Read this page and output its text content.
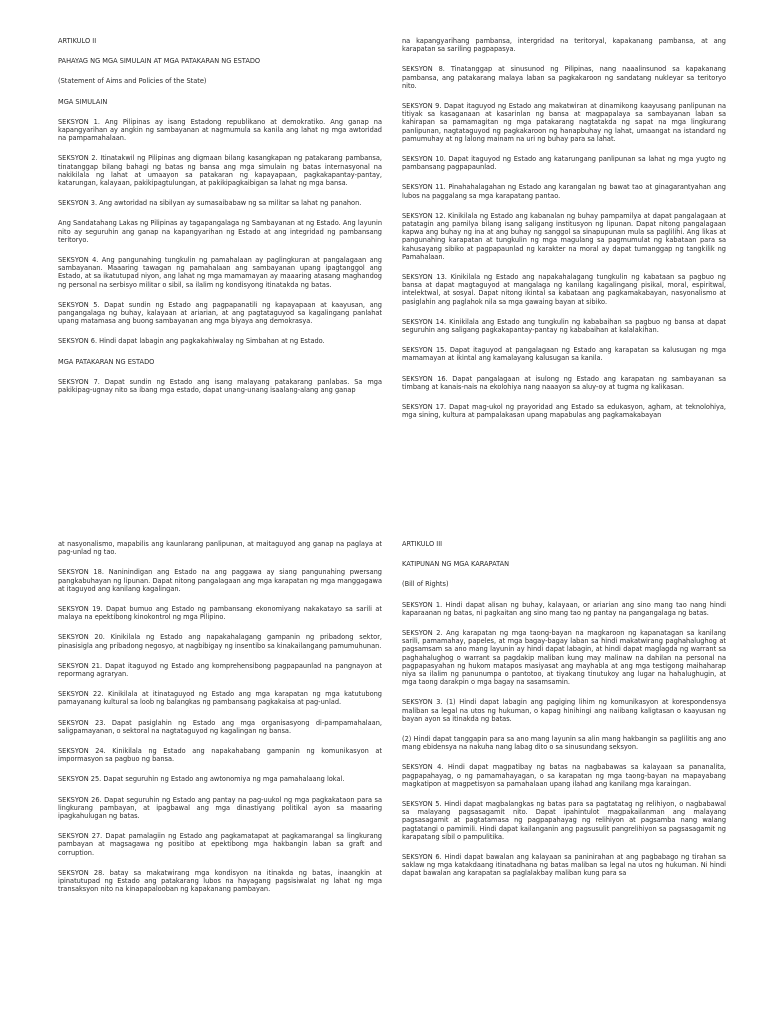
ARTIKULO II

PAHAYAG NG MGA SIMULAIN AT MGA PATAKARAN NG ESTADO

(Statement of Aims and Policies of the State)

MGA SIMULAIN

SEKSYON 1. Ang Pilipinas ay isang Estadong republikano at demokratiko. Ang ganap na kapangyarihan ay angkin ng sambayanan at nagmumula sa kanila ang lahat ng mga awtoridad na pampamahalaan.

SEKSYON 2. Itinatakwil ng Pilipinas ang digmaan bilang kasangkapan ng patakarang pambansa, tinatanggap bilang bahagi ng batas ng bansa ang mga simulain ng batas internasyonal na nakikilala ng lahat at umaayon sa patakaran ng kapayapaan, pagkakapantay-pantay, katarungan, kalayaan, pakikipagtulungan, at pakikipagkaibigan sa lahat ng mga bansa.

SEKSYON 3. Ang awtoridad na sibilyan ay sumasaibabaw ng sa militar sa lahat ng panahon.

Ang Sandatahang Lakas ng Pilipinas ay tagapangalaga ng Sambayanan at ng Estado. Ang layunin nito ay seguruhin ang ganap na kapangyarihan ng Estado at ang integridad ng pambansang teritoryo.

SEKSYON 4. Ang pangunahing tungkulin ng pamahalaan ay paglingkuran at pangalagaan ang sambayanan. Maaaring tawagan ng pamahalaan ang sambayanan upang ipagtanggol ang Estado, at sa ikatutupad niyon, ang lahat ng mga mamamayan ay maaaring atasang maghandog ng personal na serbisyo militar o sibil, sa ilalim ng kondisyong itinatakda ng batas.

SEKSYON 5. Dapat sundin ng Estado ang pagpapanatili ng kapayapaan at kaayusan, ang pangangalaga ng buhay, kalayaan at ariarian, at ang pagtataguyod sa kagalingang panlahat upang matamasa ang buong sambayanan ang mga biyaya ang demokrasya.

SEKSYON 6. Hindi dapat labagin ang pagkakahiwalay ng Simbahan at ng Estado.

MGA PATAKARAN NG ESTADO

SEKSYON 7. Dapat sundin ng Estado ang isang malayang patakarang panlabas. Sa mga pakikipag-ugnay nito sa ibang mga estado, dapat unang-unang isaalang-alang ang ganap

na kapangyarihang pambansa, intergridad na teritoryal, kapakanang pambansa, at ang karapatan sa sariling pagpapasya.

SEKSYON 8. Tinatanggap at sinusunod ng Pilipinas, nang naaalinsunod sa kapakanang pambansa, ang patakarang malaya laban sa pagkakaroon ng sandatang nukleyar sa teritoryo nito.

SEKSYON 9. Dapat itaguyod ng Estado ang makatwiran at dinamikong kaayusang panlipunan na titiyak sa kasaganaan at kasarinlan ng bansa at magpapalaya sa sambayanan laban sa kahirapan sa pamamagitan ng mga patakarang nagtatakda ng sapat na mga lingkurang panlipunan, nagtataguyod ng pagkakaroon ng hanapbuhay ng lahat, umaangat na istandard ng pamumuhay at ng lalong mainam na uri ng buhay para sa lahat.

SEKSYON 10. Dapat itaguyod ng Estado ang katarungang panlipunan sa lahat ng mga yugto ng pambansang pagpapaunlad.

SEKSYON 11. Pinahahalagahan ng Estado ang karangalan ng bawat tao at ginagarantyahan ang lubos na paggalang sa mga karapatang pantao.

SEKSYON 12. Kinikilala ng Estado ang kabanalan ng buhay pampamilya at dapat pangalagaan at patatagin ang pamilya bilang isang saligang institusyon ng lipunan. Dapat nitong pangalagaan kapwa ang buhay ng ina at ang buhay ng sanggol sa sinapupunan mula sa paglilihi. Ang likas at pangunahing karapatan at tungkulin ng mga magulang sa pagmumulat ng kabataan para sa kahusayang sibiko at pagpapaunlad ng karakter na moral ay dapat tumanggap ng tangkilik ng Pamahalaan.

SEKSYON 13. Kinikilala ng Estado ang napakahalagang tungkulin ng kabataan sa pagbuo ng bansa at dapat magtaguyod at mangalaga ng kanilang kagalingang pisikal, moral, espiritwal, intelektwal, at sosyal. Dapat nitong ikintal sa kabataan ang pagkamakabayan, nasyonalismo at pasiglahin ang paglahok nila sa mga gawaing bayan at sibiko.

SEKSYON 14. Kinikilala ang Estado ang tungkulin ng kababaihan sa pagbuo ng bansa at dapat seguruhin ang saligang pagkakapantay-pantay ng kababaihan at kalalakihan.

SEKSYON 15. Dapat itaguyod at pangalagaan ng Estado ang karapatan sa kalusugan ng mga mamamayan at ikintal ang kamalayang kalusugan sa kanila.

SEKSYON 16. Dapat pangalagaan at isulong ng Estado ang karapatan ng sambayanan sa timbang at kanais-nais na ekolohiya nang naaayon sa aluy-oy at tugma ng kalikasan.

SEKSYON 17. Dapat mag-ukol ng prayoridad ang Estado sa edukasyon, agham, at teknolohiya, mga sining, kultura at pampalakasan upang mapabulas ang pagkamakabayan

at nasyonalismo, mapabilis ang kaunlarang panlipunan, at maitaguyod ang ganap na paglaya at pag-unlad ng tao.

SEKSYON 18. Naninindigan ang Estado na ang paggawa ay siang pangunahing pwersang pangkabuhayan ng lipunan. Dapat nitong pangalagaan ang mga karapatan ng mga manggagawa at itaguyod ang kanilang kagalingan.

SEKSYON 19. Dapat bumuo ang Estado ng pambansang ekonomiyang nakakatayo sa sarili at malaya na epektibong kinokontrol ng mga Pilipino.

SEKSYON 20. Kinikilala ng Estado ang napakahalagang gampanin ng pribadong sektor, pinasisigla ang pribadong negosyo, at nagbibigay ng insentibo sa kinakailangang pamumuhunan.

SEKSYON 21. Dapat itaguyod ng Estado ang komprehensibong pagpapaunlad na pangnayon at repormang agraryan.

SEKSYON 22. Kinikilala at itinataguyod ng Estado ang mga karapatan ng mga katutubong pamayanang kultural sa loob ng balangkas ng pambansang pagkakaisa at pag-unlad.

SEKSYON 23. Dapat pasiglahin ng Estado ang mga organisasyong di-pampamahalaan, saligpamayanan, o sektoral na nagtataguyod ng kagalingan ng bansa.

SEKSYON 24. Kinikilala ng Estado ang napakahabang gampanin ng komunikasyon at impormasyon sa pagbuo ng bansa.

SEKSYON 25. Dapat seguruhin ng Estado ang awtonomiya ng mga pamahalaang lokal.

SEKSYON 26. Dapat seguruhin ng Estado ang pantay na pag-uukol ng mga pagkakataon para sa lingkurang pambayan, at ipagbawal ang mga dinastiyang politikal ayon sa maaaring ipagkahulugan ng batas.

SEKSYON 27. Dapat pamalagiin ng Estado ang pagkamatapat at pagkamarangal sa lingkurang pambayan at magsagawa ng positibo at epektibong mga hakbangin laban sa graft and corruption.

SEKSYON 28. batay sa makatwirang mga kondisyon na itinakda ng batas, inaangkin at ipinatutupad ng Estado ang patakarang lubos na hayagang pagsisiwalat ng lahat ng mga transaksyon nito na kinapapalooban ng kapakanang pambayan.

ARTIKULO III

KATIPUNAN NG MGA KARAPATAN

(Bill of Rights)

SEKSYON 1. Hindi dapat alisan ng buhay, kalayaan, or ariarian ang sino mang tao nang hindi kaparaanan ng batas, ni pagkaitan ang sino mang tao ng pantay na pangangalaga ng batas.

SEKSYON 2. Ang karapatan ng mga taong-bayan na magkaroon ng kapanatagan sa kanilang sarili, pamamahay, papeles, at mga bagay-bagay laban sa hindi makatwirang paghahalughog at pagsamsam sa ano mang layunin ay hindi dapat labagin, at hindi dapat maglagda ng warrant sa paghahalughog o warrant sa pagdakip maliban kung may malinaw na dahilan na personal na pagpapasyahan ng hukom matapos masiyasat ang mayhabla at ang mga testigong maihaharap niya sa ilalim ng panunumpa o pantotoo, at tiyakang tinutukoy ang lugar na hahalughugin, at mga taong darakpin o mga bagay na sasamsamin.

SEKSYON 3. (1) Hindi dapat labagin ang pagiging lihim ng komunikasyon at korespondensya maliban sa legal na utos ng hukuman, o kapag hinihingi ang naiibang kaligtasan o kaayusan ng bayan ayon sa itinakda ng batas.

(2) Hindi dapat tanggapin para sa ano mang layunin sa alin mang hakbangin sa paglilitis ang ano mang ebidensya na nakuha nang labag dito o sa sinusundang seksyon.

SEKSYON 4. Hindi dapat magpatibay ng batas na nagbabawas sa kalayaan sa pananalita, pagpapahayag, o ng pamamahayagan, o sa karapatan ng mga taong-bayan na mapayabang magkatipon at magpetisyon sa pamahalaan upang ilahad ang kanilang mga karaingan.

SEKSYON 5. Hindi dapat magbalangkas ng batas para sa pagtatatag ng relihiyon, o nagbabawal sa malayang pagsasagamit nito. Dapat ipahintulot magpakailanman ang malayang pagsasagamit at pagtatamasa ng pagpapahayag ng relihiyon at pagsamba nang walang pagtatangi o pamimili. Hindi dapat kailanganin ang pagsusulit pangrelihiyon sa pagsasagamit ng karapatang sibil o pampulitika.

SEKSYON 6. Hindi dapat bawalan ang kalayaan sa paninirahan at ang pagbabago ng tirahan sa saklaw ng mga katakdaang itinatadhana ng batas maliban sa legal na utos ng hukuman. Ni hindi dapat bawalan ang karapatan sa paglalakbay maliban kung para sa
